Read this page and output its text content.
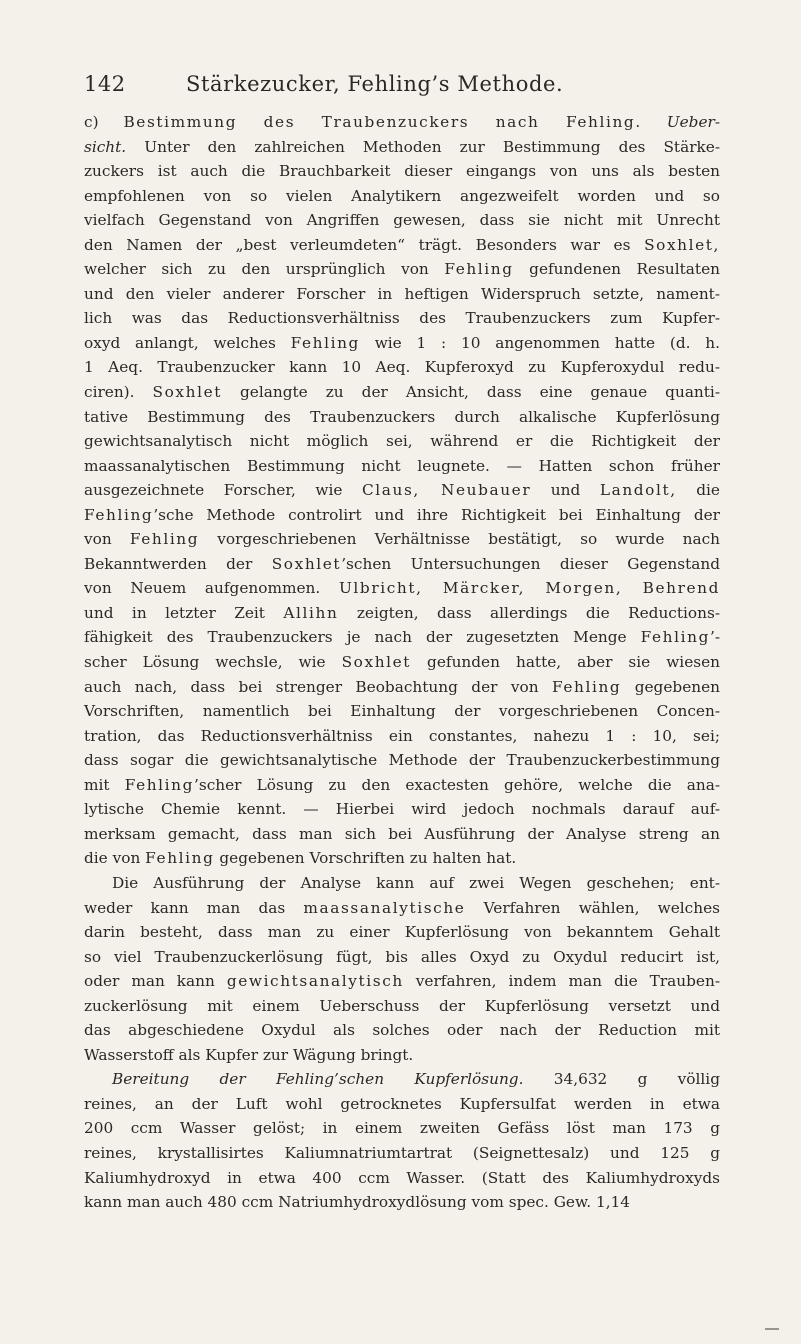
142	Stärkezucker, Fehling’s Methode.
c) Bestimmung des Traubenzuckers nach Fehling. Ueber-
sicht. Unter den zahlreichen Methoden zur Bestimmung des Stärke-
zuckers ist auch die Brauchbarkeit dieser eingangs von uns als besten
empfohlenen von so vielen Analytikern angezweifelt worden und so
vielfach Gegenstand von Angriffen gewesen, dass sie nicht mit Unrecht
den Namen der „best verleumdeten“ trägt. Besonders war es Soxhlet,
welcher sich zu den ursprünglich von Fehling gefundenen Resultaten
und den vieler anderer Forscher in heftigen Widerspruch setzte, nament-
lich was das Reductionsverhältniss des Traubenzuckers zum Kupfer-
oxyd anlangt, welches Fehling wie 1 : 10 angenommen hatte (d. h.
1 Aeq. Traubenzucker kann 10 Aeq. Kupferoxyd zu Kupferoxydul redu-
ciren). Soxhlet gelangte zu der Ansicht, dass eine genaue quanti-
tative Bestimmung des Traubenzuckers durch alkalische Kupferlösung
gewichtsanalytisch nicht möglich sei, während er die Richtigkeit der
maassanalytischen Bestimmung nicht leugnete. — Hatten schon früher
ausgezeichnete Forscher, wie Claus, Neubauer und Landolt, die
Fehling’sche Methode controlirt und ihre Richtigkeit bei Einhaltung der
von Fehling vorgeschriebenen Verhältnisse bestätigt, so wurde nach
Bekanntwerden der Soxhlet’schen Untersuchungen dieser Gegenstand
von Neuem aufgenommen. Ulbricht, Märcker, Morgen, Behrend
und in letzter Zeit Allihn zeigten, dass allerdings die Reductions-
fähigkeit des Traubenzuckers je nach der zugesetzten Menge Fehling’-
scher Lösung wechsle, wie Soxhlet gefunden hatte, aber sie wiesen
auch nach, dass bei strenger Beobachtung der von Fehling gegebenen
Vorschriften, namentlich bei Einhaltung der vorgeschriebenen Concen-
tration, das Reductionsverhältniss ein constantes, nahezu 1 : 10, sei;
dass sogar die gewichtsanalytische Methode der Traubenzuckerbestimmung
mit Fehling’scher Lösung zu den exactesten gehöre, welche die ana-
lytische Chemie kennt. — Hierbei wird jedoch nochmals darauf auf-
merksam gemacht, dass man sich bei Ausführung der Analyse streng an
die von Fehling gegebenen Vorschriften zu halten hat.
Die Ausführung der Analyse kann auf zwei Wegen geschehen; ent-
weder kann man das maassanalytische Verfahren wählen, welches
darin besteht, dass man zu einer Kupferlösung von bekanntem Gehalt
so viel Traubenzuckerlösung fügt, bis alles Oxyd zu Oxydul reducirt ist,
oder man kann gewichtsanalytisch verfahren, indem man die Trauben-
zuckerlösung mit einem Ueberschuss der Kupferlösung versetzt und
das abgeschiedene Oxydul als solches oder nach der Reduction mit
Wasserstoff als Kupfer zur Wägung bringt.
Bereitung der Fehling’schen Kupferlösung. 34,632 g völlig
reines, an der Luft wohl getrocknetes Kupfersulfat werden in etwa
200 ccm Wasser gelöst; in einem zweiten Gefäss löst man 173 g
reines, krystallisirtes Kaliumnatriumtartrat (Seignettesalz) und 125 g
Kaliumhydroxyd in etwa 400 ccm Wasser. (Statt des Kaliumhydroxyds
kann man auch 480 ccm Natriumhydroxydlösung vom spec. Gew. 1,14
